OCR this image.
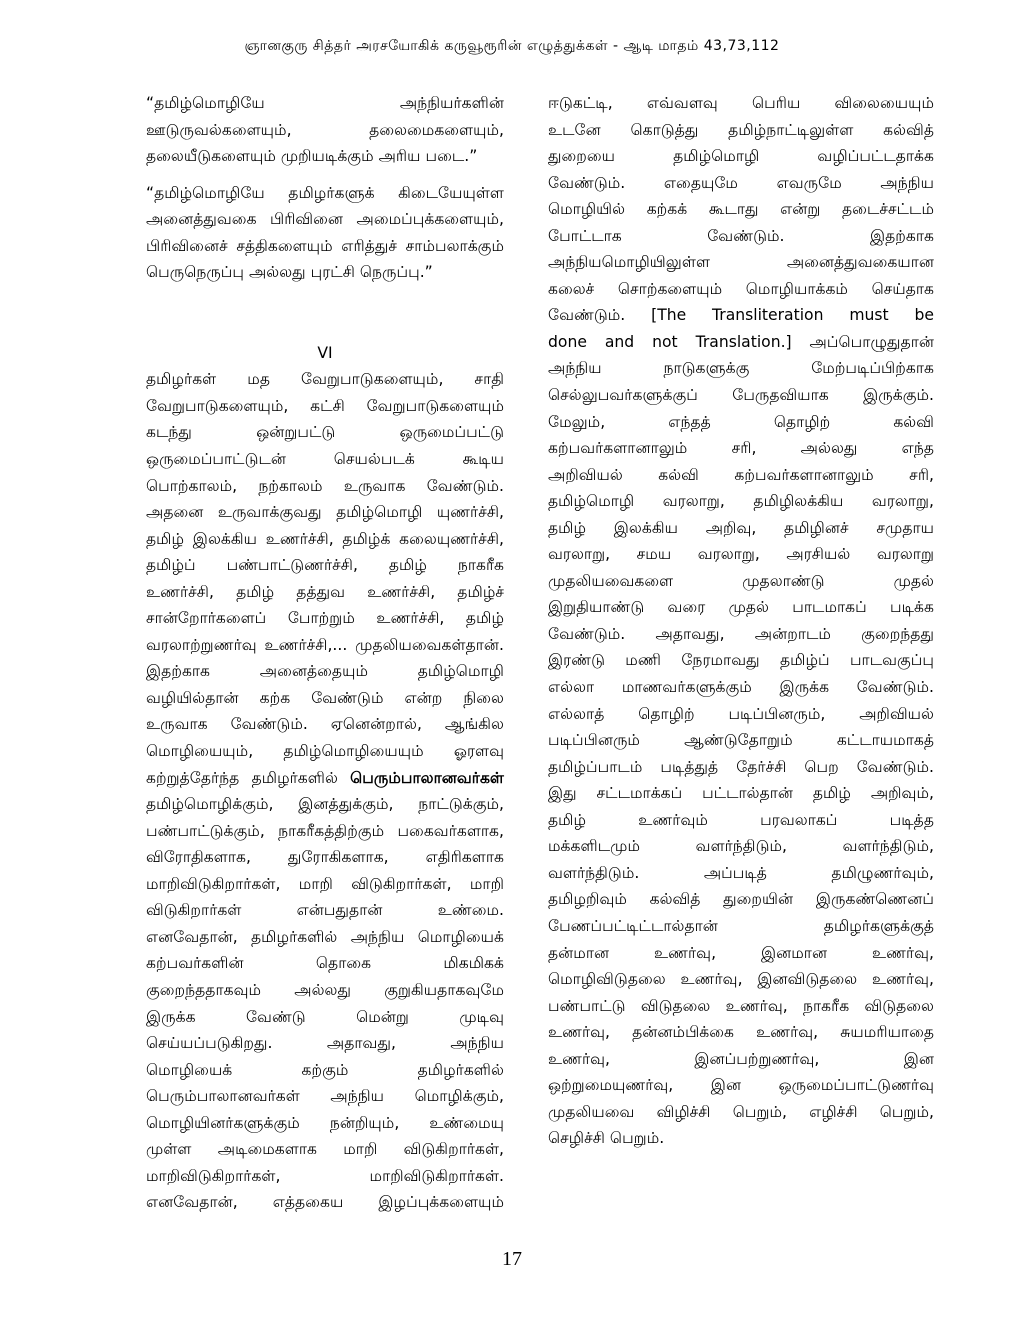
ஞானகுரு சித்தர் அரசயோகிக் கருவூரூரின் எழுத்துக்கள் - ஆடி மாதம் 43,73,112

“தமிழ்மொழியே அந்நியர்களின்

ஊடுருவல்களையும், தலைமைகளையும்,

தலையீடுகளையும் முறியடிக்கும் அரிய படை.”

“தமிழ்மொழியே தமிழர்களுக் கிடையேயுள்ள

அனைத்துவகை பிரிவினை அமைப்புக்களையும்,

பிரிவினைச் சத்திகளையும் எரித்துச் சாம்பலாக்கும்

பெருநெருப்பு அல்லது புரட்சி நெருப்பு.”

VI

தமிழர்கள் மத வேறுபாடுகளையும், சாதி

வேறுபாடுகளையும், கட்சி வேறுபாடுகளையும்

கடந்து ஒன்றுபட்டு ஒருமைப்பட்டு

ஒருமைப்பாட்டுடன் செயல்படக் கூடிய

பொற்காலம், நற்காலம் உருவாக வேண்டும்.

அதனை உருவாக்குவது தமிழ்மொழி யுணர்ச்சி,

தமிழ் இலக்கிய உணர்ச்சி, தமிழ்க் கலையுணர்ச்சி,

தமிழ்ப் பண்பாட்டுணர்ச்சி, தமிழ் நாகரீக

உணர்ச்சி, தமிழ் தத்துவ உணர்ச்சி, தமிழ்ச்

சான்றோர்களைப் போற்றும் உணர்ச்சி, தமிழ்

வரலாற்றுணர்வு உணர்ச்சி,... முதலியவைகள்தான்.

இதற்காக அனைத்தையும் தமிழ்மொழி

வழியில்தான் கற்க வேண்டும் என்ற நிலை

உருவாக வேண்டும். ஏனென்றால், ஆங்கில

மொழியையும், தமிழ்மொழியையும் ஓரளவு

கற்றுத்தேர்ந்த தமிழர்களில் பெரும்பாலானவர்கள்

தமிழ்மொழிக்கும், இனத்துக்கும், நாட்டுக்கும்,

பண்பாட்டுக்கும், நாகரீகத்திற்கும் பகைவர்களாக,

விரோதிகளாக, துரோகிகளாக, எதிரிகளாக

மாறிவிடுகிறார்கள், மாறி விடுகிறார்கள், மாறி

விடுகிறார்கள் என்பதுதான் உண்மை.

எனவேதான், தமிழர்களில் அந்நிய மொழியைக்

கற்பவர்களின் தொகை மிகமிகக்

குறைந்ததாகவும் அல்லது குறுகியதாகவுமே

இருக்க வேண்டு மென்று முடிவு

செய்யப்படுகிறது. அதாவது, அந்நிய

மொழியைக் கற்கும் தமிழர்களில்

பெரும்பாலானவர்கள் அந்நிய மொழிக்கும்,

மொழியினர்களுக்கும் நன்றியும், உண்மையு

முள்ள அடிமைகளாக மாறி விடுகிறார்கள்,

மாறிவிடுகிறார்கள், மாறிவிடுகிறார்கள்.

எனவேதான், எத்தகைய இழப்புக்களையும்

ஈடுகட்டி, எவ்வளவு பெரிய விலையையும்

உடனே கொடுத்து தமிழ்நாட்டிலுள்ள கல்வித்

துறையை தமிழ்மொழி வழிப்பட்டதாக்க

வேண்டும். எதையுமே எவருமே அந்நிய

மொழியில் கற்கக் கூடாது என்று தடைச்சட்டம்

போட்டாக வேண்டும். இதற்காக

அந்நியமொழியிலுள்ள அனைத்துவகையான

கலைச் சொற்களையும் மொழியாக்கம் செய்தாக

வேண்டும். [The Transliteration must be

done and not Translation.] அப்பொழுதுதான்

அந்நிய நாடுகளுக்கு மேற்படிப்பிற்காக

செல்லுபவர்களுக்குப் பேருதவியாக இருக்கும்.

மேலும், எந்தத் தொழிற் கல்வி

கற்பவர்களானாலும் சரி, அல்லது எந்த

அறிவியல் கல்வி கற்பவர்களானாலும் சரி,

தமிழ்மொழி வரலாறு, தமிழிலக்கிய வரலாறு,

தமிழ் இலக்கிய அறிவு, தமிழினச் சமுதாய

வரலாறு, சமய வரலாறு, அரசியல் வரலாறு

முதலியவைகளை முதலாண்டு முதல்

இறுதியாண்டு வரை முதல் பாடமாகப் படிக்க

வேண்டும். அதாவது, அன்றாடம் குறைந்தது

இரண்டு மணி நேரமாவது தமிழ்ப் பாடவகுப்பு

எல்லா மாணவர்களுக்கும் இருக்க வேண்டும்.

எல்லாத் தொழிற் படிப்பினரும், அறிவியல்

படிப்பினரும் ஆண்டுதோறும் கட்டாயமாகத்

தமிழ்ப்பாடம் படித்துத் தேர்ச்சி பெற வேண்டும்.

இது சட்டமாக்கப் பட்டால்தான் தமிழ் அறிவும்,

தமிழ் உணர்வும் பரவலாகப் படித்த

மக்களிடமும் வளர்ந்திடும், வளர்ந்திடும்,

வளர்ந்திடும். அப்படித் தமிழுணர்வும்,

தமிழறிவும் கல்வித் துறையின் இருகண்ணெனப்

பேணப்பட்டிட்டால்தான் தமிழர்களுக்குத்

தன்மான உணர்வு, இனமான உணர்வு,

மொழிவிடுதலை உணர்வு, இனவிடுதலை உணர்வு,

பண்பாட்டு விடுதலை உணர்வு, நாகரீக விடுதலை

உணர்வு, தன்னம்பிக்கை உணர்வு, சுயமரியாதை

உணர்வு, இனப்பற்றுணர்வு, இன

ஒற்றுமையுணர்வு, இன ஒருமைப்பாட்டுணர்வு

முதலியவை விழிச்சி பெறும், எழிச்சி பெறும்,

செழிச்சி பெறும்.

17
